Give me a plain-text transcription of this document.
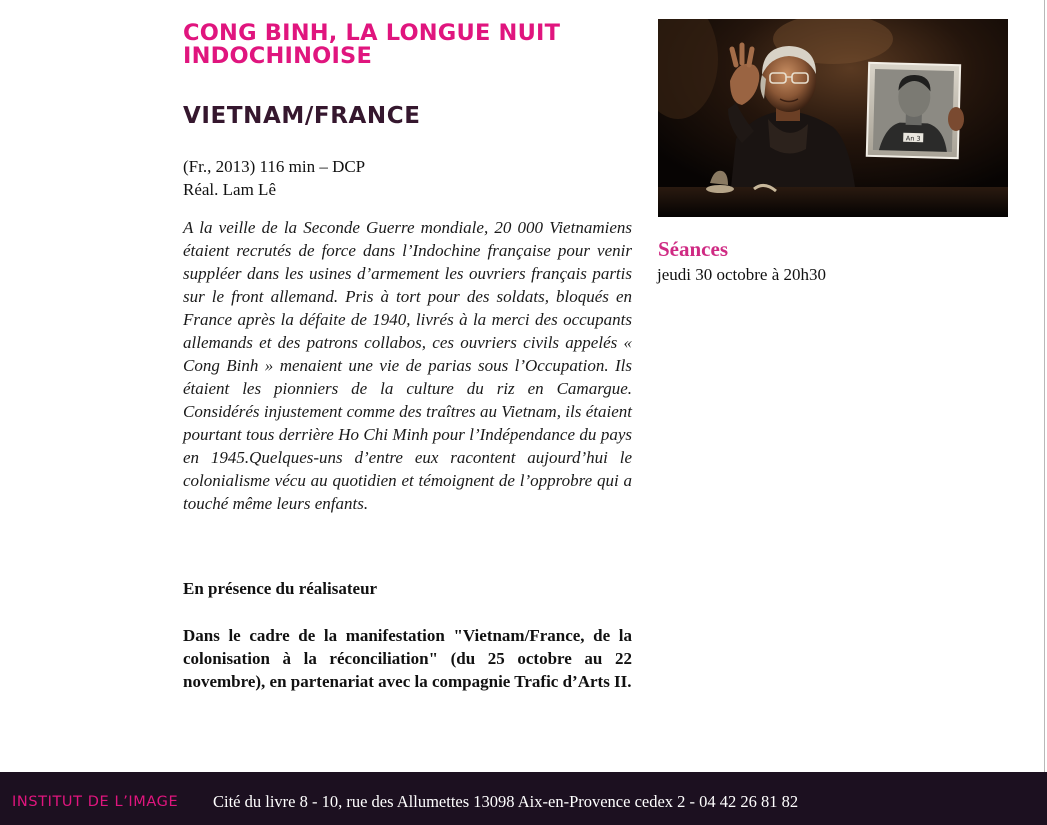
CONG BINH, LA LONGUE NUIT INDOCHINOISE
VIETNAM/FRANCE
(Fr., 2013) 116 min – DCP
Réal. Lam Lê

A la veille de la Seconde Guerre mondiale, 20 000 Vietnamiens étaient recrutés de force dans l’Indochine française pour venir suppléer dans les usines d’armement les ouvriers français partis sur le front allemand. Pris à tort pour des soldats, bloqués en France après la défaite de 1940, livrés à la merci des occupants allemands et des patrons collabos, ces ouvriers civils appelés « Cong Binh » menaient une vie de parias sous l’Occupation. Ils étaient les pionniers de la culture du riz en Camargue. Considérés injustement comme des traîtres au Vietnam, ils étaient pourtant tous derrière Ho Chi Minh pour l’Indépendance du pays en 1945.Quelques-uns d’entre eux racontent aujourd’hui le colonialisme vécu au quotidien et témoignent de l’opprobre qui a touché même leurs enfants.

En présence du réalisateur

Dans le cadre de la manifestation "Vietnam/France, de la colonisation à la réconciliation" (du 25 octobre au 22 novembre), en partenariat avec la compagnie Trafic d’Arts II.

An 3
Séances
jeudi 30 octobre à 20h30
INSTITUT DE L’IMAGE Cité du livre 8 - 10, rue des Allumettes 13098 Aix-en-Provence cedex 2 - 04 42 26 81 82
